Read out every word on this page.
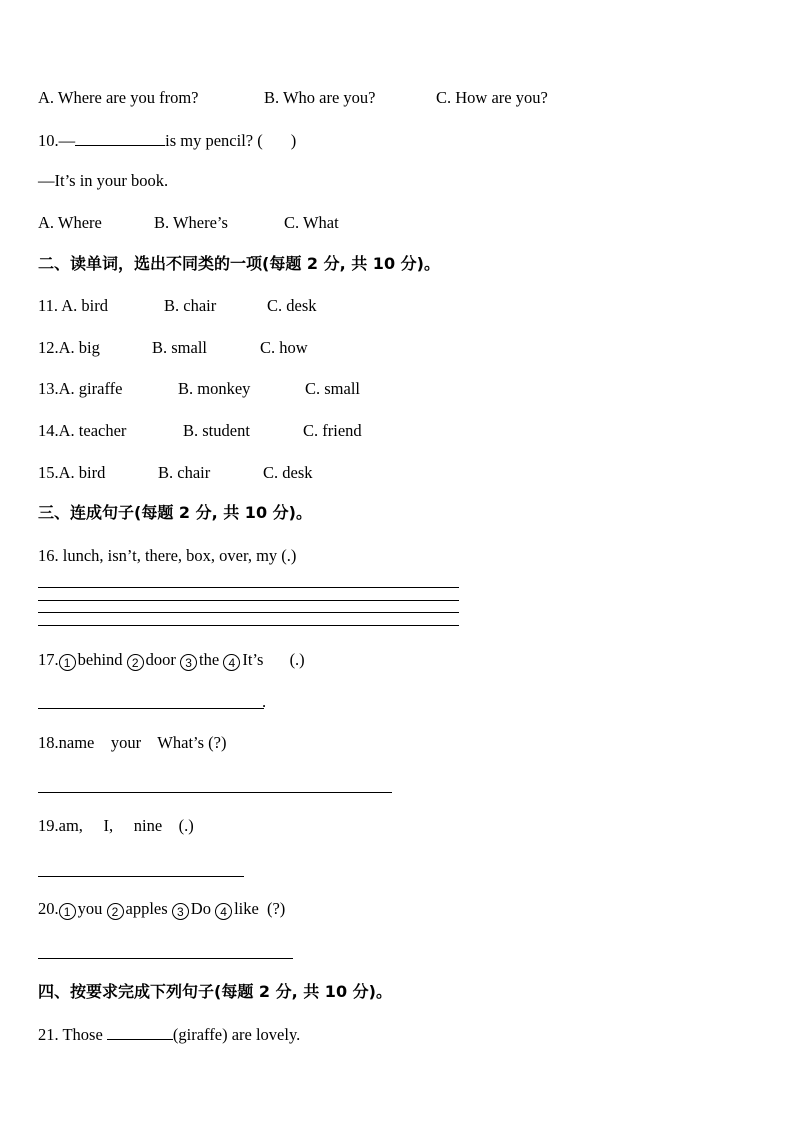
A. Where are you from?	B. Who are you?	C. How are you?
10.—	is my pencil? ( )
—It’s in your book.
A. Where	B. Where’s	C. What
二、读单词，选出不同类的一项(每题 2 分, 共 10 分)。
11. A. bird	B. chair	C. desk
12.A. big	B. small	C. how
13.A. giraffe	B. monkey	C. small
14.A. teacher	B. student	C. friend
15.A. bird	B. chair	C. desk
三、连成句子(每题 2 分, 共 10 分)。
16. lunch, isn’t, there, box, over, my (.)
17. 1 behind 2 door 3 the 4 It’s (.)
.
18.name    your    What’s (?)
19.am,     I,     nine    (.)
20. 1 you 2 apples 3 Do 4 like (?)
四、按要求完成下列句子(每题 2 分, 共 10 分)。
21. Those	(giraffe) are lovely.
